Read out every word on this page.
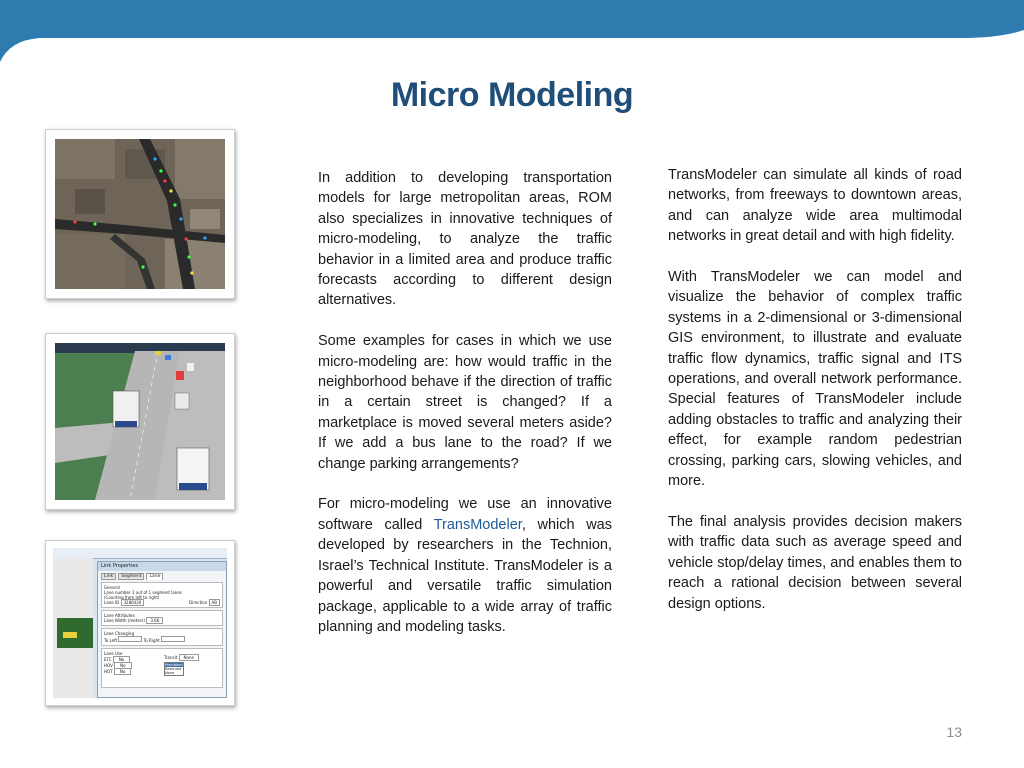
Micro Modeling
Link Properties
Link	Segment	Lane
General
Lane number 1 out of 1 segment lanes
(Counting from left to right)
Lane ID 3286420	Direction AB
Lane Attributes
Lane Width (meters) 3.66
Lane Changing
To Left	To Right
Lane Use
ETC No
HOV No
HOT No
Transit None
Prohibited
Reserved
None

In addition to developing transportation models for large metropolitan areas, ROM also specializes in innovative techniques of micro-modeling, to analyze the traffic behavior in a limited area and produce traffic forecasts according to different design alternatives.

Some examples for cases in which we use micro-modeling are: how would traffic in the neighborhood behave if the direction of traffic in a certain street is changed? If a marketplace is moved several meters aside? If we add a bus lane to the road? If we change parking arrangements?

For micro-modeling we use an innovative software called TransModeler, which was developed by researchers in the Technion, Israel’s Technical Institute. TransModeler is a powerful and versatile traffic simulation package, applicable to a wide array of traffic planning and modeling tasks.

TransModeler can simulate all kinds of road networks, from freeways to downtown areas, and can analyze wide area multimodal networks in great detail and with high fidelity.

With TransModeler we can model and visualize the behavior of complex traffic systems in a 2-dimensional or 3-dimensional GIS environment, to illustrate and evaluate traffic flow dynamics, traffic signal and ITS operations, and overall network performance. Special features of TransModeler include adding obstacles to traffic and analyzing their effect, for example random pedestrian crossing, parking cars, slowing vehicles, and more.

The final analysis provides decision makers with traffic data such as average speed and vehicle stop/delay times, and enables them to reach a rational decision between several design options.

13
